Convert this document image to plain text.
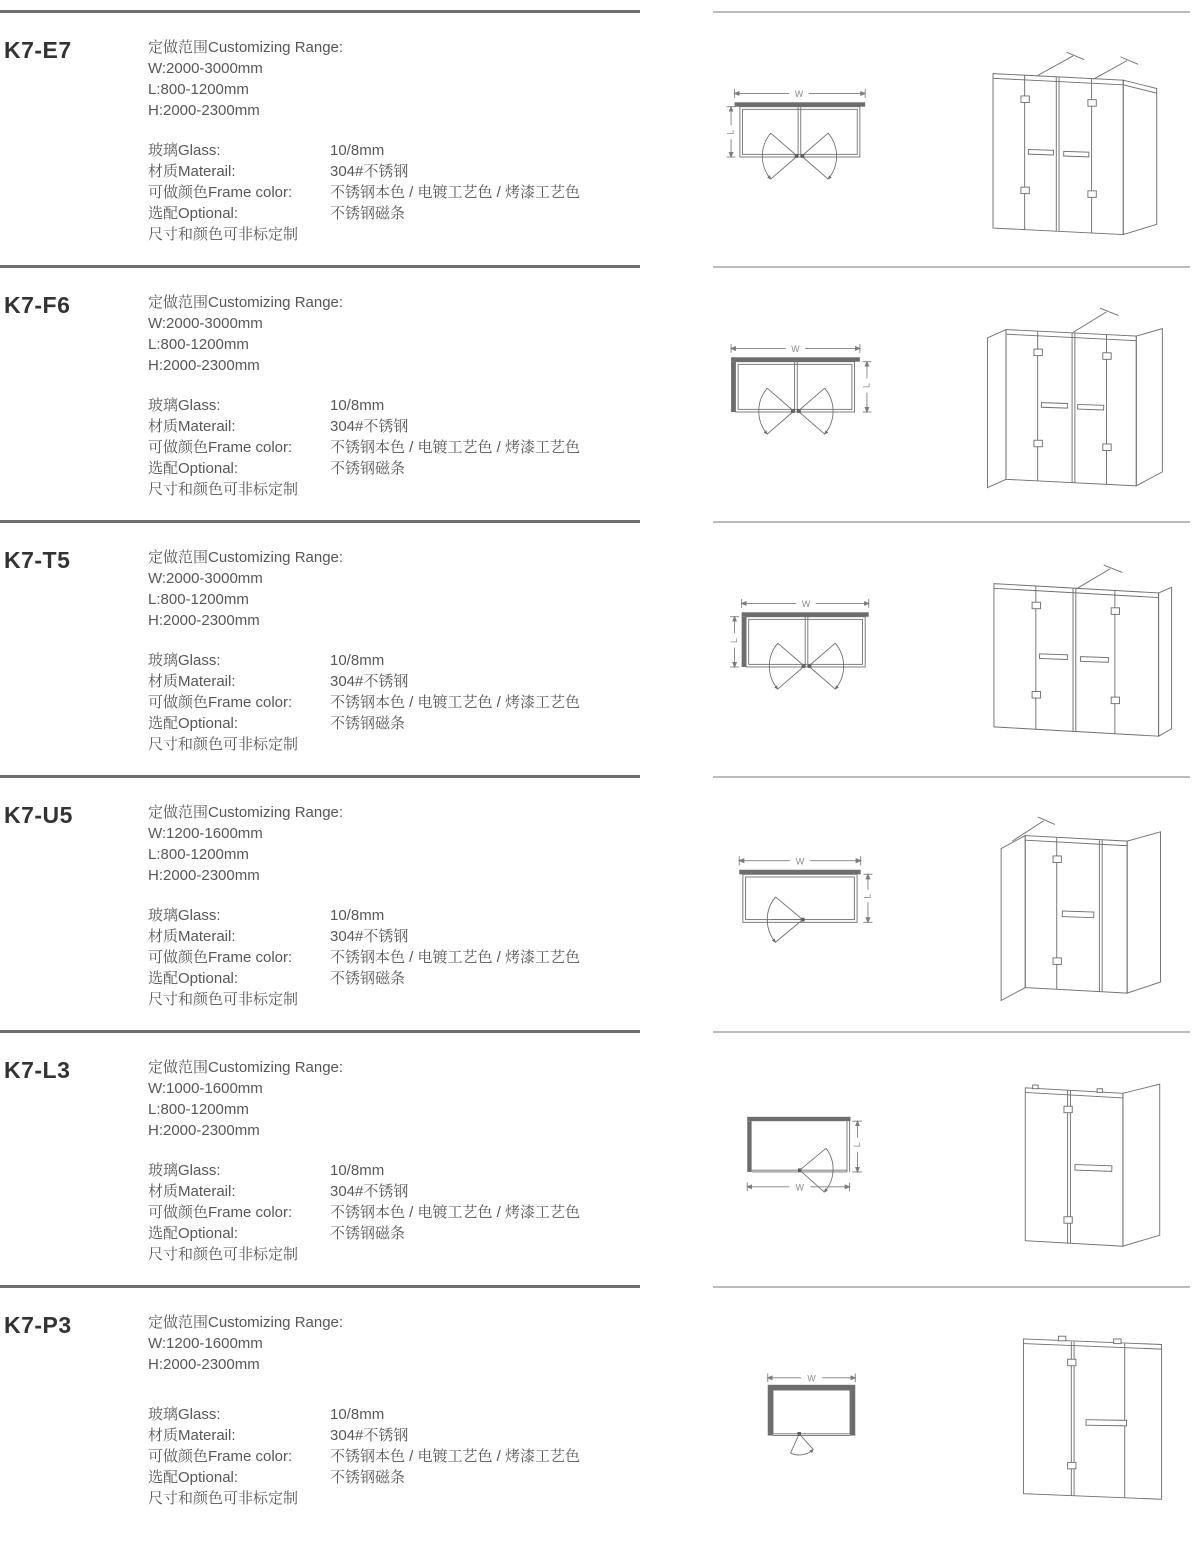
K7-E7	定做范围Customizing Range:

W:2000-3000mm

L:800-1200mm

H:2000-2300mm

玻璃Glass:	10/8mm
材质Materail:	304#不锈钢
可做颜色Frame color:	不锈钢本色 / 电镀工艺色 / 烤漆工艺色
选配Optional:	不锈钢磁条

尺寸和颜色可非标定制

W
L
K7-F6	定做范围Customizing Range:

W:2000-3000mm

L:800-1200mm

H:2000-2300mm

玻璃Glass:	10/8mm
材质Materail:	304#不锈钢
可做颜色Frame color:	不锈钢本色 / 电镀工艺色 / 烤漆工艺色
选配Optional:	不锈钢磁条

尺寸和颜色可非标定制

W
L
K7-T5	定做范围Customizing Range:

W:2000-3000mm

L:800-1200mm

H:2000-2300mm

玻璃Glass:	10/8mm
材质Materail:	304#不锈钢
可做颜色Frame color:	不锈钢本色 / 电镀工艺色 / 烤漆工艺色
选配Optional:	不锈钢磁条

尺寸和颜色可非标定制

W
L
K7-U5	定做范围Customizing Range:

W:1200-1600mm

L:800-1200mm

H:2000-2300mm

玻璃Glass:	10/8mm
材质Materail:	304#不锈钢
可做颜色Frame color:	不锈钢本色 / 电镀工艺色 / 烤漆工艺色
选配Optional:	不锈钢磁条

尺寸和颜色可非标定制

W
L
K7-L3	定做范围Customizing Range:

W:1000-1600mm

L:800-1200mm

H:2000-2300mm

玻璃Glass:	10/8mm
材质Materail:	304#不锈钢
可做颜色Frame color:	不锈钢本色 / 电镀工艺色 / 烤漆工艺色
选配Optional:	不锈钢磁条

尺寸和颜色可非标定制

L
W
K7-P3	定做范围Customizing Range:

W:1200-1600mm

H:2000-2300mm

玻璃Glass:	10/8mm
材质Materail:	304#不锈钢
可做颜色Frame color:	不锈钢本色 / 电镀工艺色 / 烤漆工艺色
选配Optional:	不锈钢磁条

尺寸和颜色可非标定制

W
